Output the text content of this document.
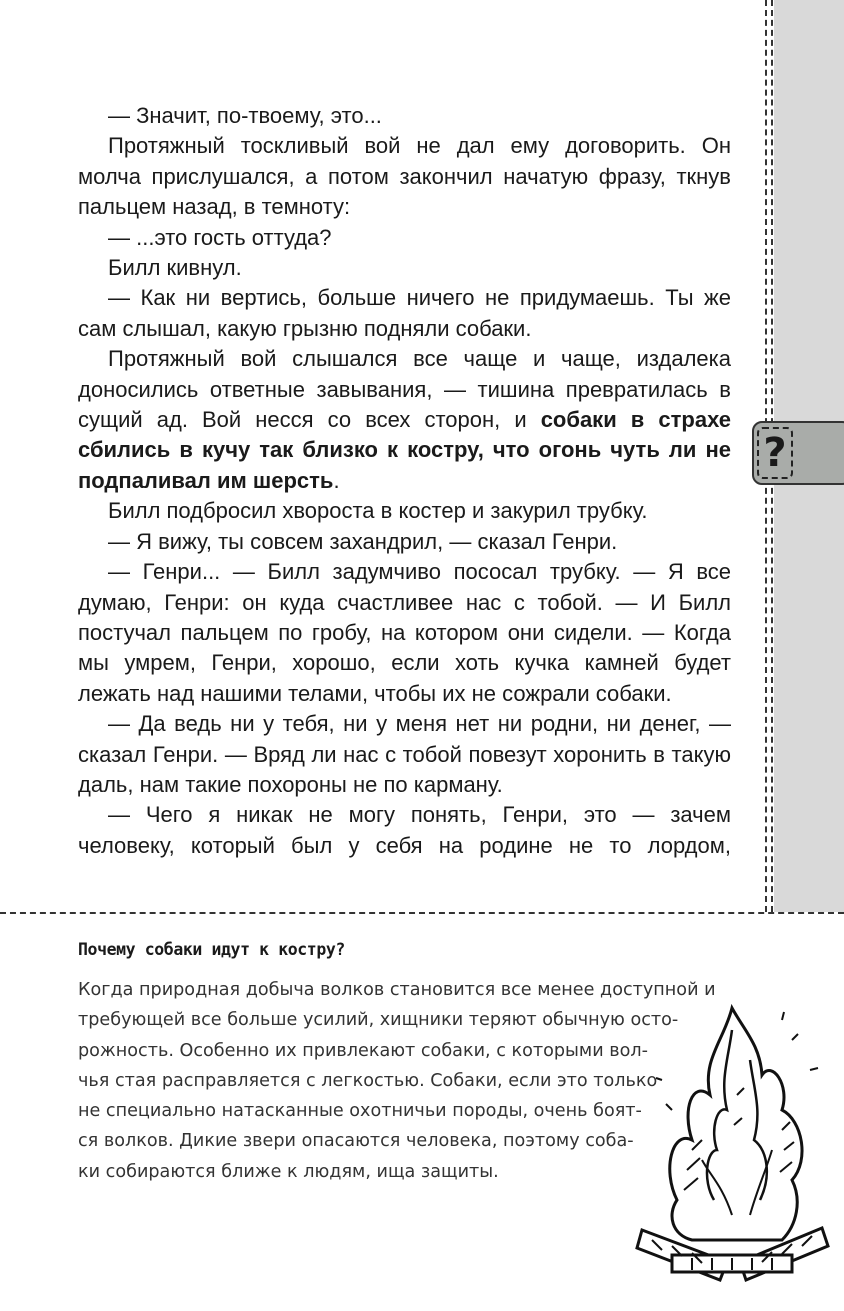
?

— Значит, по-твоему, это...

Протяжный тоскливый вой не дал ему договорить. Он молча прислушался, а потом закончил начатую фразу, ткнув пальцем назад, в темноту:

— ...это гость оттуда?

Билл кивнул.

— Как ни вертись, больше ничего не придумаешь. Ты же сам слышал, какую грызню подняли собаки.

Протяжный вой слышался все чаще и чаще, издалека доносились ответные завывания, — тишина превратилась в сущий ад. Вой несся со всех сторон, и собаки в страхе сбились в кучу так близко к костру, что огонь чуть ли не подпаливал им шерсть.

Билл подбросил хвороста в костер и закурил трубку.

— Я вижу, ты совсем захандрил, — сказал Генри.

— Генри... — Билл задумчиво пососал трубку. — Я все думаю, Генри: он куда счастливее нас с тобой. — И Билл постучал пальцем по гробу, на котором они сидели. — Когда мы умрем, Генри, хорошо, если хоть кучка камней будет лежать над нашими телами, чтобы их не сожрали собаки.

— Да ведь ни у тебя, ни у меня нет ни родни, ни денег, — сказал Генри. — Вряд ли нас с тобой повезут хоронить в такую даль, нам такие похороны не по карману.

— Чего я никак не могу понять, Генри, это — зачем человеку, который был у себя на родине не то лордом,

Почему собаки идут к костру?
Когда природная добыча волков становится все менее доступной и
требующей все больше усилий, хищники теряют обычную осто-
рожность. Особенно их привлекают собаки, с которыми вол-
чья стая расправляется с легкостью. Собаки, если это только
не специально натасканные охотничьи породы, очень боят-
ся волков. Дикие звери опасаются человека, поэтому соба-
ки собираются ближе к людям, ища защиты.
